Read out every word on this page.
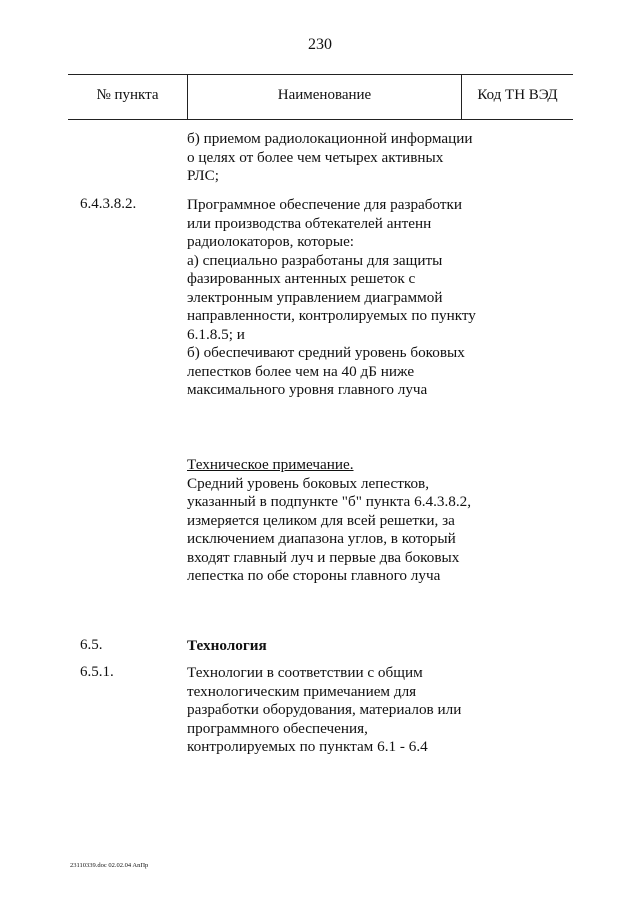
230
№ пункта	Наименование	Код ТН ВЭД

б) приемом радиолокационной информации о целях от более чем четырех активных РЛС;

6.4.3.8.2.	Программное обеспечение для разработки или производства обтекателей антенн радиолокаторов, которые:

а) специально разработаны для защиты фазированных антенных решеток с электронным управлением диаграммой направленности, контролируемых по пункту 6.1.8.5; и

б) обеспечивают средний уровень боковых лепестков более чем на 40 дБ ниже максимального уровня главного луча

Техническое примечание.

Средний уровень боковых лепестков, указанный в подпункте "б" пункта 6.4.3.8.2, измеряется целиком для всей решетки, за исключением диапазона углов, в который входят главный луч и первые два боковых лепестка по обе стороны главного луча

6.5.	Технология
6.5.1.	Технологии в соответствии с общим технологическим примечанием для разработки оборудования, материалов или программного обеспечения, контролируемых по пунктам 6.1 - 6.4

23110339.doc 02.02.04 AnПp
